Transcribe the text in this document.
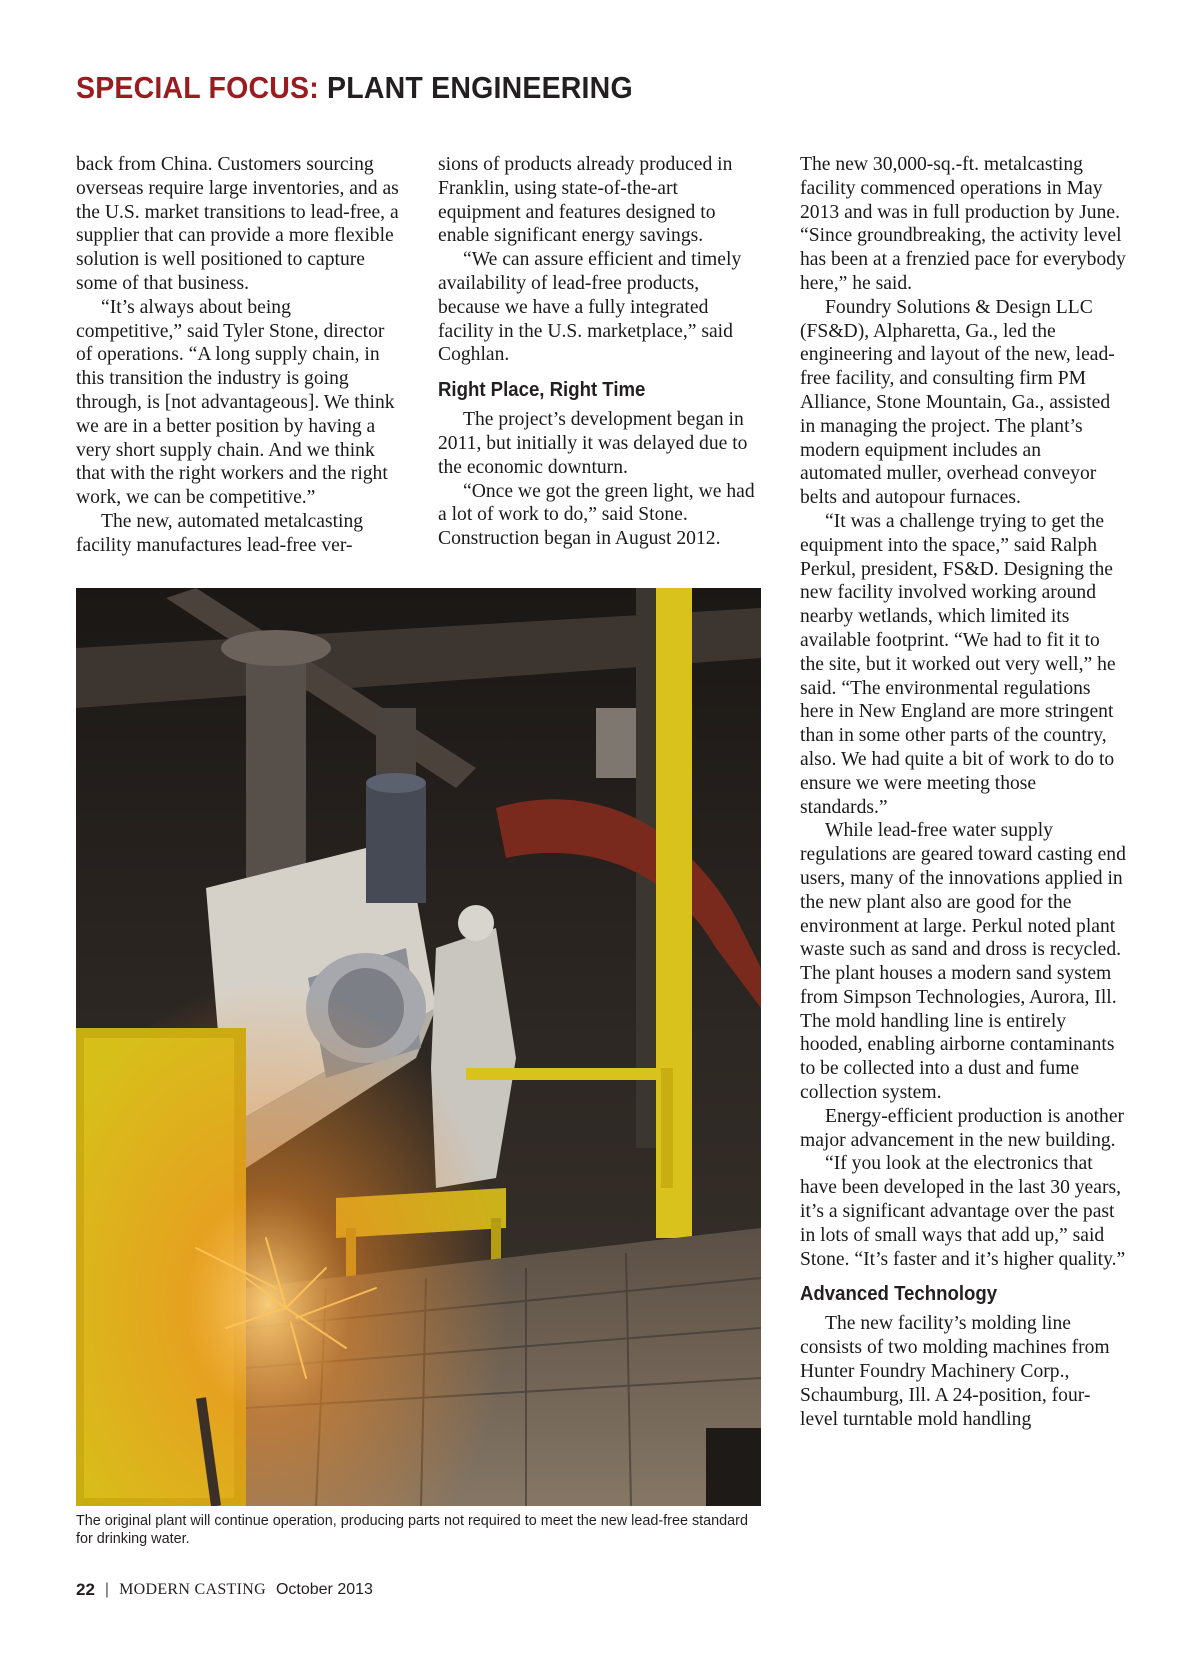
SPECIAL FOCUS: PLANT ENGINEERING

back from China. Customers sourcing overseas require large inventories, and as the U.S. market transitions to lead-free, a supplier that can provide a more flexible solution is well positioned to capture some of that business.

“It’s always about being competitive,” said Tyler Stone, director of operations. “A long supply chain, in this transition the industry is going through, is [not advantageous]. We think we are in a better position by having a very short supply chain. And we think that with the right workers and the right work, we can be competitive.”

The new, automated metalcasting facility manufactures lead-free ver-

sions of products already produced in Franklin, using state-of-the-art equipment and features designed to enable significant energy savings.

“We can assure efficient and timely availability of lead-free products, because we have a fully integrated facility in the U.S. marketplace,” said Coghlan.

Right Place, Right Time

The project’s development began in 2011, but initially it was delayed due to the economic downturn.

“Once we got the green light, we had a lot of work to do,” said Stone. Construction began in August 2012.

The new 30,000-sq.-ft. metalcasting facility commenced operations in May 2013 and was in full production by June. “Since groundbreaking, the activity level has been at a frenzied pace for everybody here,” he said.

Foundry Solutions & Design LLC (FS&D), Alpharetta, Ga., led the engineering and layout of the new, lead-free facility, and consulting firm PM Alliance, Stone Mountain, Ga., assisted in managing the project. The plant’s modern equipment includes an automated muller, overhead conveyor belts and autopour furnaces.

“It was a challenge trying to get the equipment into the space,” said Ralph Perkul, president, FS&D. Designing the new facility involved working around nearby wetlands, which limited its available footprint. “We had to fit it to the site, but it worked out very well,” he said. “The environmental regulations here in New England are more stringent than in some other parts of the country, also. We had quite a bit of work to do to ensure we were meeting those standards.”

While lead-free water supply regulations are geared toward casting end users, many of the innovations applied in the new plant also are good for the environment at large. Perkul noted plant waste such as sand and dross is recycled. The plant houses a modern sand system from Simpson Technologies, Aurora, Ill. The mold handling line is entirely hooded, enabling airborne contaminants to be collected into a dust and fume collection system.

Energy-efficient production is another major advancement in the new building.

“If you look at the electronics that have been developed in the last 30 years, it’s a significant advantage over the past in lots of small ways that add up,” said Stone. “It’s faster and it’s higher quality.”

Advanced Technology

The new facility’s molding line consists of two molding machines from Hunter Foundry Machinery Corp., Schaumburg, Ill. A 24-position, four-level turntable mold handling

The original plant will continue operation, producing parts not required to meet the new lead-free standard for drinking water.
22 | MODERN CASTING October 2013
